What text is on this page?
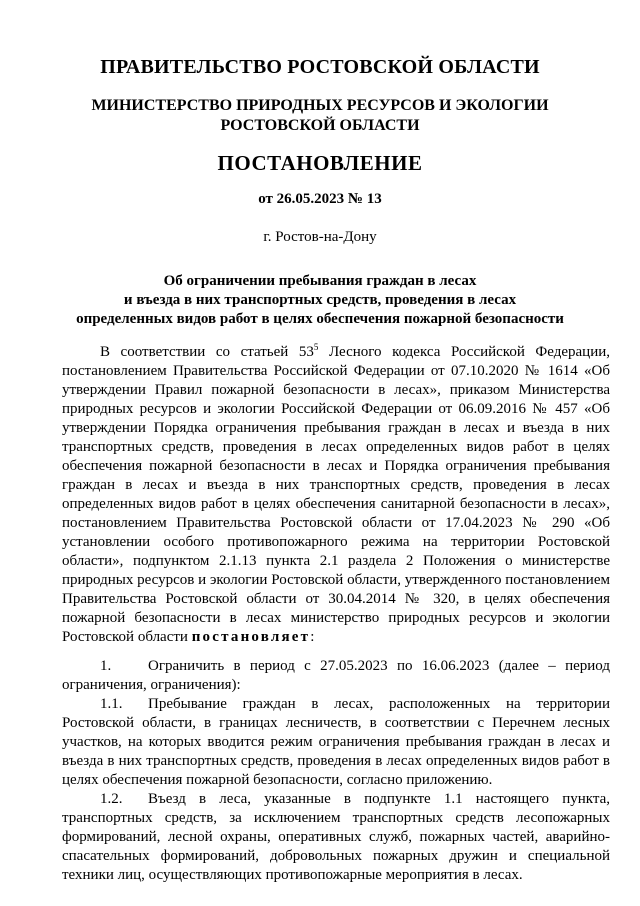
ПРАВИТЕЛЬСТВО РОСТОВСКОЙ ОБЛАСТИ
МИНИСТЕРСТВО ПРИРОДНЫХ РЕСУРСОВ И ЭКОЛОГИИ
РОСТОВСКОЙ ОБЛАСТИ
ПОСТАНОВЛЕНИЕ
от 26.05.2023 № 13
г. Ростов-на-Дону
Об ограничении пребывания граждан в лесах
и въезда в них транспортных средств, проведения в лесах
определенных видов работ в целях обеспечения пожарной безопасности

В соответствии со статьей $53^5$ Лесного кодекса Российской Федерации, постановлением Правительства Российской Федерации от 07.10.2020 № 1614 «Об утверждении Правил пожарной безопасности в лесах», приказом Министерства природных ресурсов и экологии Российской Федерации от 06.09.2016 № 457 «Об утверждении Порядка ограничения пребывания граждан в лесах и въезда в них транспортных средств, проведения в лесах определенных видов работ в целях обеспечения пожарной безопасности в лесах и Порядка ограничения пребывания граждан в лесах и въезда в них транспортных средств, проведения в лесах определенных видов работ в целях обеспечения санитарной безопасности в лесах», постановлением Правительства Ростовской области от 17.04.2023 № 290 «Об установлении особого противопожарного режима на территории Ростовской области», подпунктом 2.1.13 пункта 2.1 раздела 2 Положения о министерстве природных ресурсов и экологии Ростовской области, утвержденного постановлением Правительства Ростовской области от 30.04.2014 № 320, в целях обеспечения пожарной безопасности в лесах министерство природных ресурсов и экологии Ростовской области постановляет:

1. Ограничить в период с 27.05.2023 по 16.06.2023 (далее – период ограничения, ограничения):

1.1. Пребывание граждан в лесах, расположенных на территории Ростовской области, в границах лесничеств, в соответствии с Перечнем лесных участков, на которых вводится режим ограничения пребывания граждан в лесах и въезда в них транспортных средств, проведения в лесах определенных видов работ в целях обеспечения пожарной безопасности, согласно приложению.

1.2. Въезд в леса, указанные в подпункте 1.1 настоящего пункта, транспортных средств, за исключением транспортных средств лесопожарных формирований, лесной охраны, оперативных служб, пожарных частей, аварийно-спасательных формирований, добровольных пожарных дружин и специальной техники лиц, осуществляющих противопожарные мероприятия в лесах.
